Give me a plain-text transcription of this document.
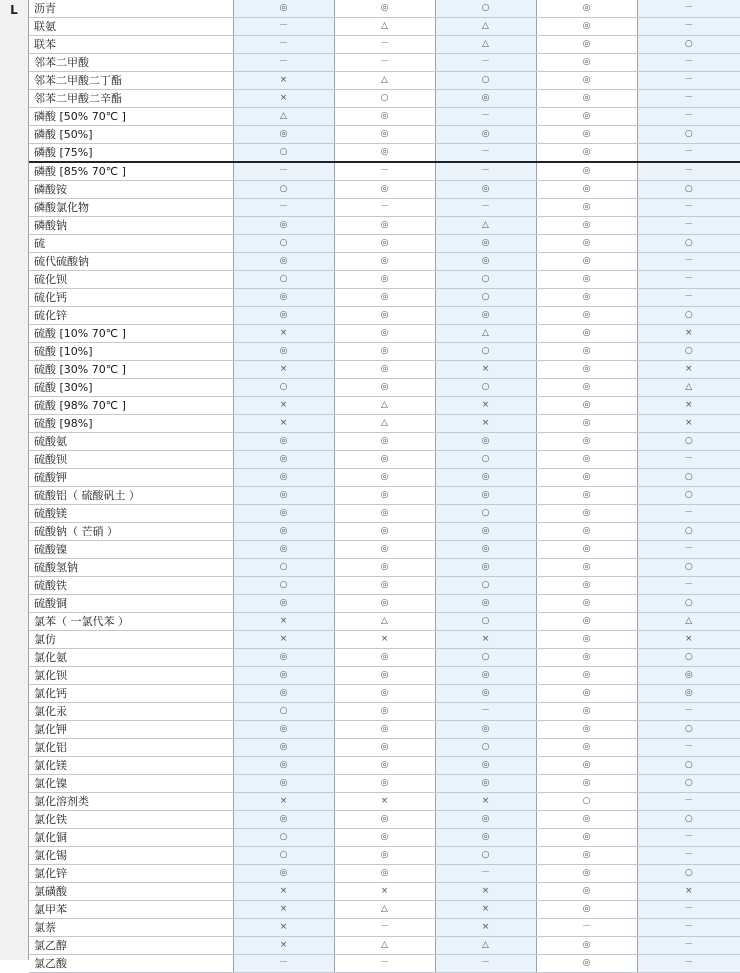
L	沥青	◎	◎	○	◎	－
联氨	－	△	△	◎	－
联苯	－	－	△	◎	○
邻苯二甲酸	－	－	－	◎	－
邻苯二甲酸二丁酯	×	△	○	◎	－
邻苯二甲酸二辛酯	×	○	◎	◎	－
磷酸 [50% 70℃ ]	△	◎	－	◎	－
磷酸 [50%]	◎	◎	◎	◎	○
磷酸 [75%]	○	◎	－	◎	－
磷酸 [85% 70℃ ]	－	－	－	◎	－
磷酸铵	○	◎	◎	◎	○
磷酸氯化物	－	－	－	◎	－
磷酸钠	◎	◎	△	◎	－
硫	○	◎	◎	◎	○
硫代硫酸钠	◎	◎	◎	◎	－
硫化钡	○	◎	○	◎	－
硫化钙	◎	◎	○	◎	－
硫化锌	◎	◎	◎	◎	○
硫酸 [10% 70℃ ]	×	◎	△	◎	×
硫酸 [10%]	◎	◎	○	◎	○
硫酸 [30% 70℃ ]	×	◎	×	◎	×
硫酸 [30%]	○	◎	○	◎	△
硫酸 [98% 70℃ ]	×	△	×	◎	×
硫酸 [98%]	×	△	×	◎	×
硫酸氨	◎	◎	◎	◎	○
硫酸钡	◎	◎	○	◎	－
硫酸钾	◎	◎	◎	◎	○
硫酸铝（ 硫酸矾土 ）	◎	◎	◎	◎	○
硫酸镁	◎	◎	○	◎	－
硫酸钠（ 芒硝 ）	◎	◎	◎	◎	○
硫酸镍	◎	◎	◎	◎	－
硫酸氢钠	○	◎	◎	◎	○
硫酸铁	○	◎	○	◎	－
硫酸铜	◎	◎	◎	◎	○
氯苯（ 一氯代苯 ）	×	△	○	◎	△
氯仿	×	×	×	◎	×
氯化氨	◎	◎	○	◎	○
氯化钡	◎	◎	◎	◎	◎
氯化钙	◎	◎	◎	◎	◎
氯化汞	○	◎	－	◎	－
氯化钾	◎	◎	◎	◎	○
氯化铝	◎	◎	○	◎	－
氯化镁	◎	◎	◎	◎	○
氯化镍	◎	◎	◎	◎	○
氯化溶剂类	×	×	×	○	－
氯化铁	◎	◎	◎	◎	○
氯化铜	○	◎	◎	◎	－
氯化锡	○	◎	○	◎	－
氯化锌	◎	◎	－	◎	○
氯磺酸	×	×	×	◎	×
氯甲苯	×	△	×	◎	－
氯萘	×	－	×	－	－
氯乙醇	×	△	△	◎	－
氯乙酸	－	－	－	◎	－
